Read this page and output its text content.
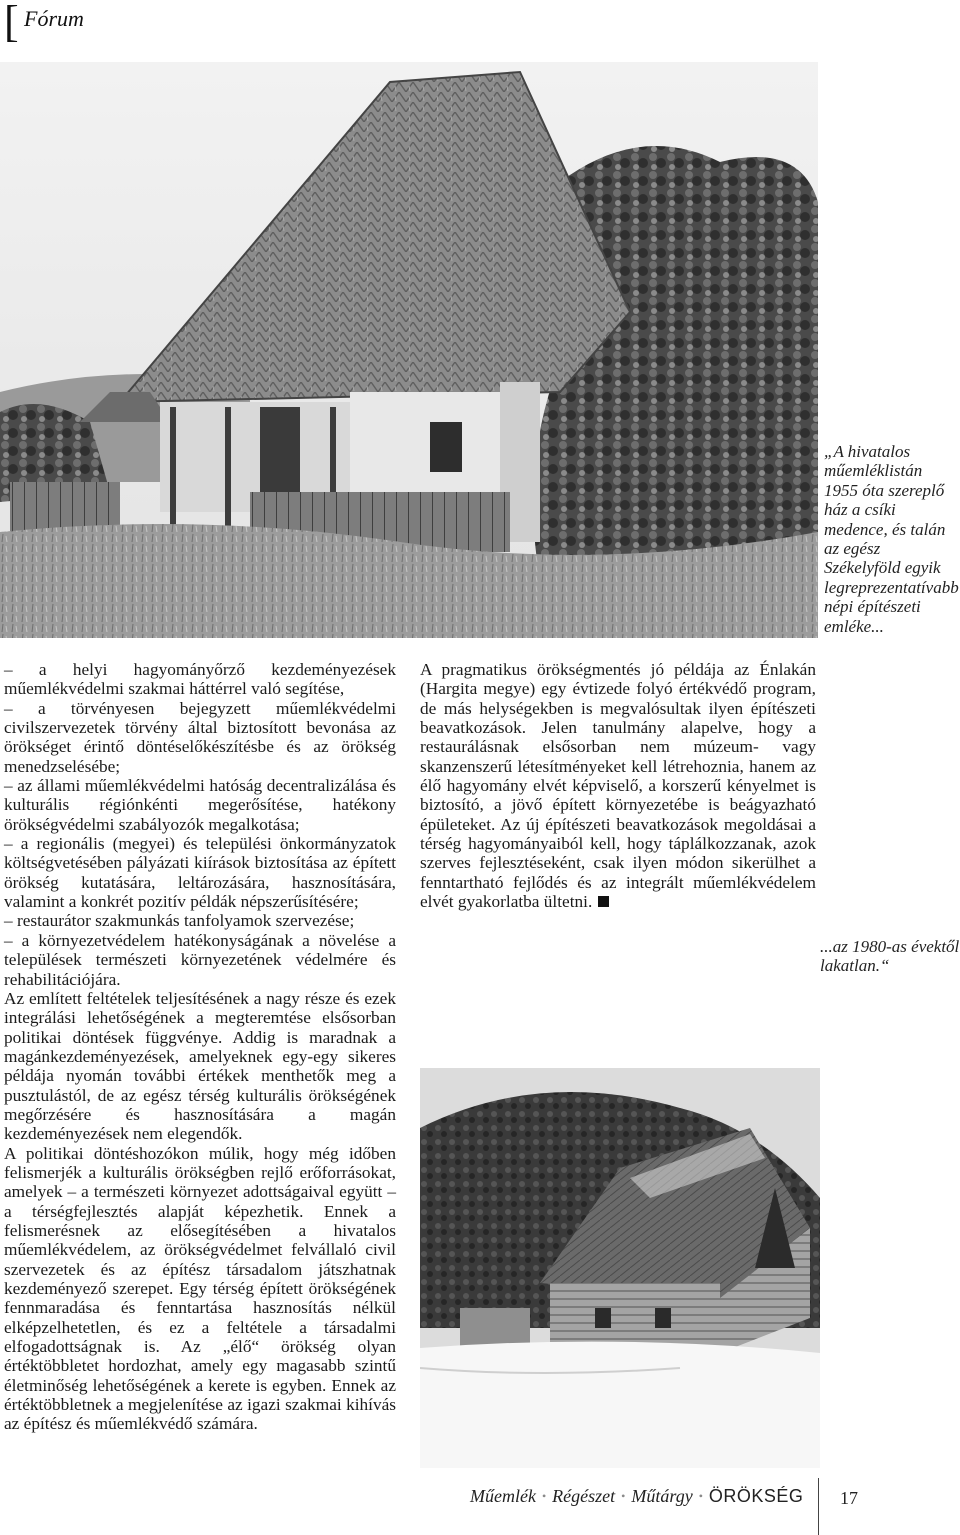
[ Fórum
„A hivatalos műemléklistán 1955 óta szereplő ház a csíki medence, és talán az egész Székelyföld egyik legreprezentatívabb népi építészeti emléke...

– a helyi hagyományőrző kezdeményezések műemlékvédelmi szakmai háttérrel való segítése,

– a törvényesen bejegyzett műemlékvédelmi civilszervezetek törvény által biztosított bevonása az örökséget érintő döntéselőkészítésbe és az örökség menedzselésébe;

– az állami műemlékvédelmi hatóság decentralizálása és kulturális régiónkénti megerősítése, hatékony örökségvédelmi szabályozók megalkotása;

– a regionális (megyei) és települési önkormányzatok költségvetésében pályázati kiírások biztosítása az épített örökség kutatására, leltározására, hasznosítására, valamint a konkrét pozitív példák népszerűsítésére;

– restaurátor szakmunkás tanfolyamok szervezése;

– a környezetvédelem hatékonyságának a növelése a települések természeti környezetének védelmére és rehabilitációjára.

Az említett feltételek teljesítésének a nagy része és ezek integrálási lehetőségének a megteremtése elsősorban politikai döntések függvénye. Addig is maradnak a magánkezdeményezések, amelyeknek egy-egy sikeres példája nyomán további értékek menthetők meg a pusztulástól, de az egész térség kulturális örökségének megőrzésére és hasznosítására a magán kezdeményezések nem elegendők.

A politikai döntéshozókon múlik, hogy még időben felismerjék a kulturális örökségben rejlő erőforrásokat, amelyek – a természeti környezet adottságaival együtt – a térségfejlesztés alapját képezhetik. Ennek a felismerésnek az elősegítésében a hivatalos műemlékvédelem, az örökségvédelmet felvállaló civil szervezetek és az építész társadalom játszhatnak kezdeményező szerepet. Egy térség épített örökségének fennmaradása és fenntartása hasznosítás nélkül elképzelhetetlen, és ez a feltétele a társadalmi elfogadottságnak is. Az „élő“ örökség olyan értéktöbbletet hordozhat, amely egy magasabb szintű életminőség lehetőségének a kerete is egyben. Ennek az értéktöbbletnek a megjelenítése az igazi szakmai kihívás az építész és műemlékvédő számára.

A pragmatikus örökségmentés jó példája az Énlakán (Hargita megye) egy évtizede folyó értékvédő program, de más helységekben is megvalósultak ilyen építészeti beavatkozások. Jelen tanulmány alapelve, hogy a restaurálásnak elsősorban nem múzeum- vagy skanzenszerű létesítményeket kell létrehoznia, hanem az élő hagyomány elvét képviselő, a korszerű kényelmet is biztosító, a jövő épített környezetébe is beágyazható épületeket. Az új építészeti beavatkozások megoldásai a térség hagyományaiból kell, hogy táplálkozzanak, azok szerves fejlesztéseként, csak ilyen módon sikerülhet a fenntartható fejlődés és az integrált műemlékvédelem elvét gyakorlatba ültetni.

...az 1980-as évektől lakatlan.“
Műemlék • Régészet • Műtárgy • ÖRÖKSÉG 17
